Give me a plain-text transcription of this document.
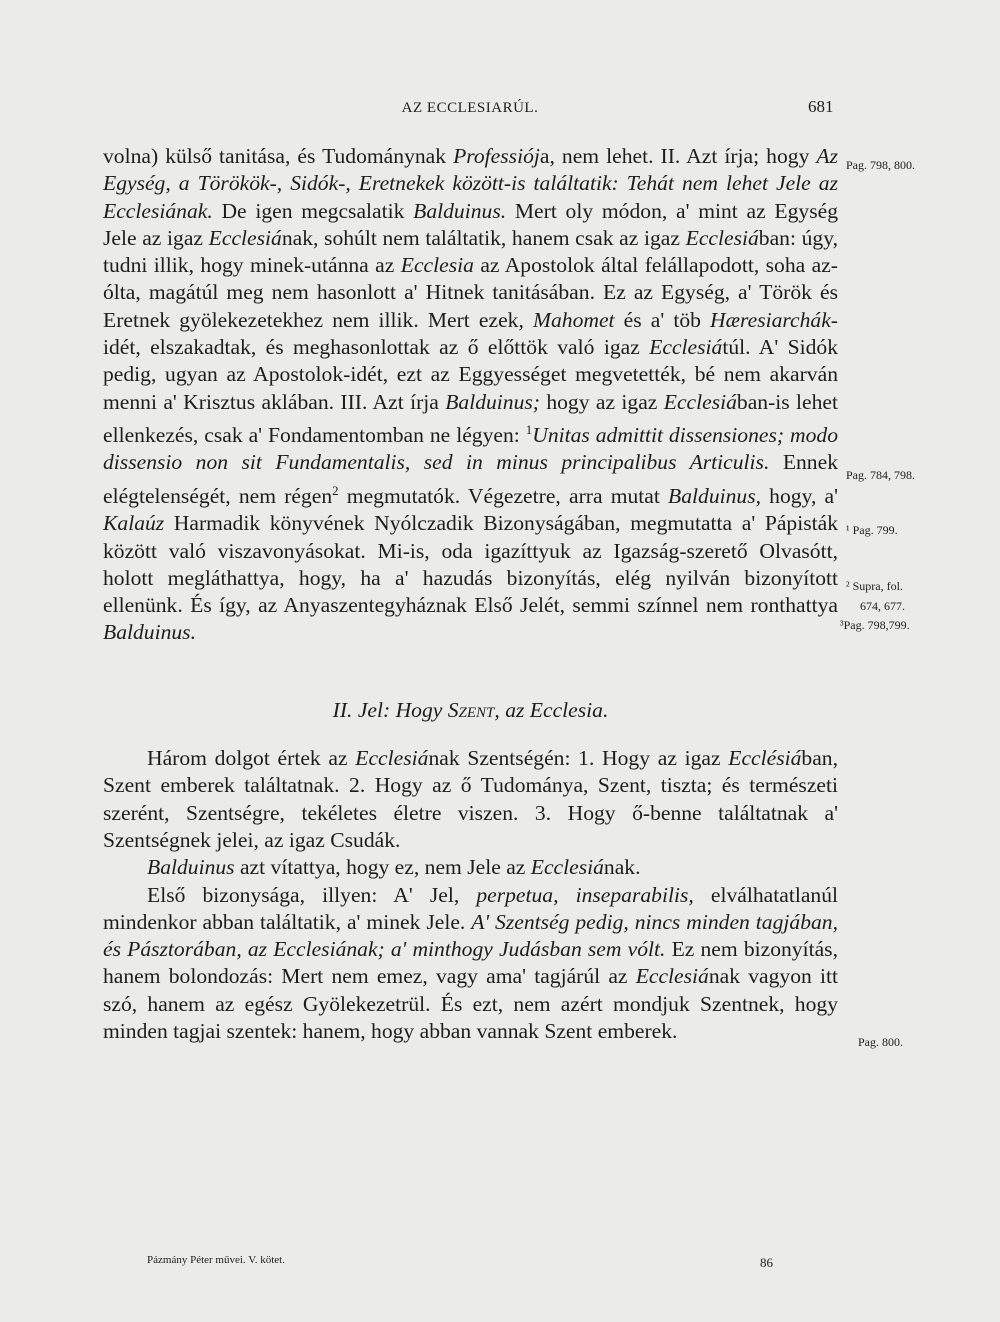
AZ ECCLESIARÚL.	681

volna) külső tanitása, és Tudománynak Professiója, nem lehet. II. Azt írja; hogy Az Egység, a Törökök-, Sidók-, Eretnekek között-is találtatik: Tehát nem lehet Jele az Ecclesiának. De igen megcsalatik Balduinus. Mert oly módon, a' mint az Egység Jele az igaz Ecclesiának, sohúlt nem találtatik, hanem csak az igaz Ecclesiában: úgy, tudni illik, hogy minek-utánna az Ecclesia az Apostolok által felállapodott, soha az-ólta, magátúl meg nem hasonlott a' Hitnek tanitásában. Ez az Egység, a' Török és Eretnek gyölekezetekhez nem illik. Mert ezek, Mahomet és a' töb Hæresiarchák-idét, elszakadtak, és meghasonlottak az ő előttök való igaz Ecclesiátúl. A' Sidók pedig, ugyan az Apostolok-idét, ezt az Eggyességet megvetették, bé nem akarván menni a' Krisztus aklában. III. Azt írja Balduinus; hogy az igaz Ecclesiában-is lehet ellenkezés, csak a' Fondamentomban ne légyen: $^1$Unitas admittit dissensiones; modo dissensio non sit Fundamentalis, sed in minus principalibus Articulis. Ennek elégtelenségét, nem régen$^2$ megmutatók. Végezetre, arra mutat Balduinus, hogy, a' Kalaúz Harmadik könyvének Nyólczadik Bizonyságában, megmutatta a' Pápisták között való viszavonyásokat. Mi-is, oda igazíttyuk az Igazság-szerető Olvasótt, holott megláthattya, hogy, ha a' hazudás bizonyítás, elég nyilván bizonyított ellenünk. És így, az Anyaszentegyháznak Első Jelét, semmi színnel nem ronthattya Balduinus.

II. Jel: Hogy Szent, az Ecclesia.

Három dolgot értek az Ecclesiának Szentségén: 1. Hogy az igaz Ecclésiában, Szent emberek találtatnak. 2. Hogy az ő Tudománya, Szent, tiszta; és természeti szerént, Szentségre, tekéletes életre viszen. 3. Hogy ő-benne találtatnak a' Szentségnek jelei, az igaz Csudák.

Balduinus azt vítattya, hogy ez, nem Jele az Ecclesiának.

Első bizonysága, illyen: A' Jel, perpetua, inseparabilis, elválhatatlanúl mindenkor abban találtatik, a' minek Jele. A' Szentség pedig, nincs minden tagjában, és Pásztorában, az Ecclesiának; a' minthogy Judásban sem vólt. Ez nem bizonyítás, hanem bolondozás: Mert nem emez, vagy ama' tagjárúl az Ecclesiának vagyon itt szó, hanem az egész Gyölekezetrül. És ezt, nem azért mondjuk Szentnek, hogy minden tagjai szentek: hanem, hogy abban vannak Szent emberek.

Pag. 798, 800.
Pag. 784, 798.
¹ Pag. 799.
² Supra, fol.
674, 677.
³Pag. 798,799.
Pag. 800.
Pázmány Péter művei. V. kötet.	86
